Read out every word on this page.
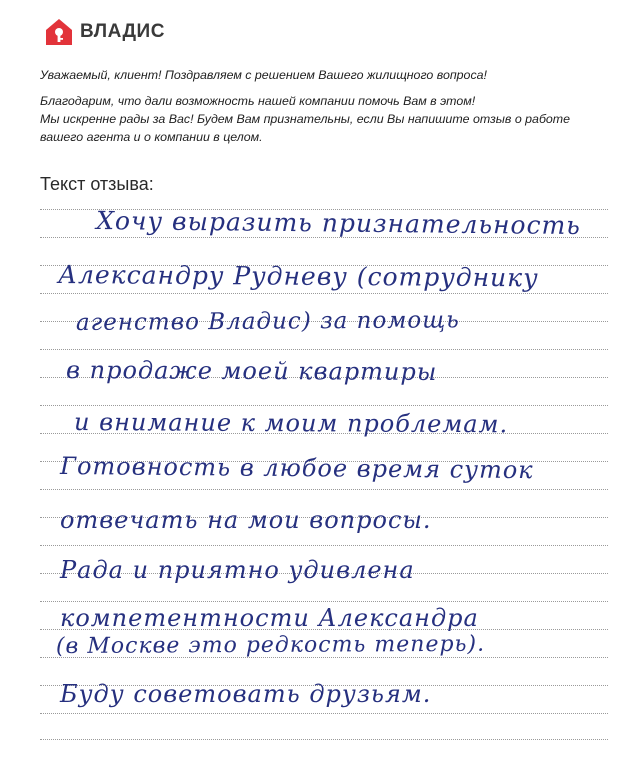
ВЛАДИС
Уважаемый, клиент! Поздравляем с решением Вашего жилищного вопроса!
Благодарим, что дали возможность нашей компании помочь Вам в этом!
Мы искренне рады за Вас! Будем Вам признательны, если Вы напишите отзыв о работе
вашего агента и о компании в целом.
Текст отзыва:
Хочу выразить признательность
Александру Рудневу (сотруднику
агенство Владис) за помощь
в продаже моей квартиры
и внимание к моим проблемам.
Готовность в любое время суток
отвечать на мои вопросы.
Рада и приятно удивлена
компетентности Александра
(в Москве это редкость теперь).
Буду советовать друзьям.
